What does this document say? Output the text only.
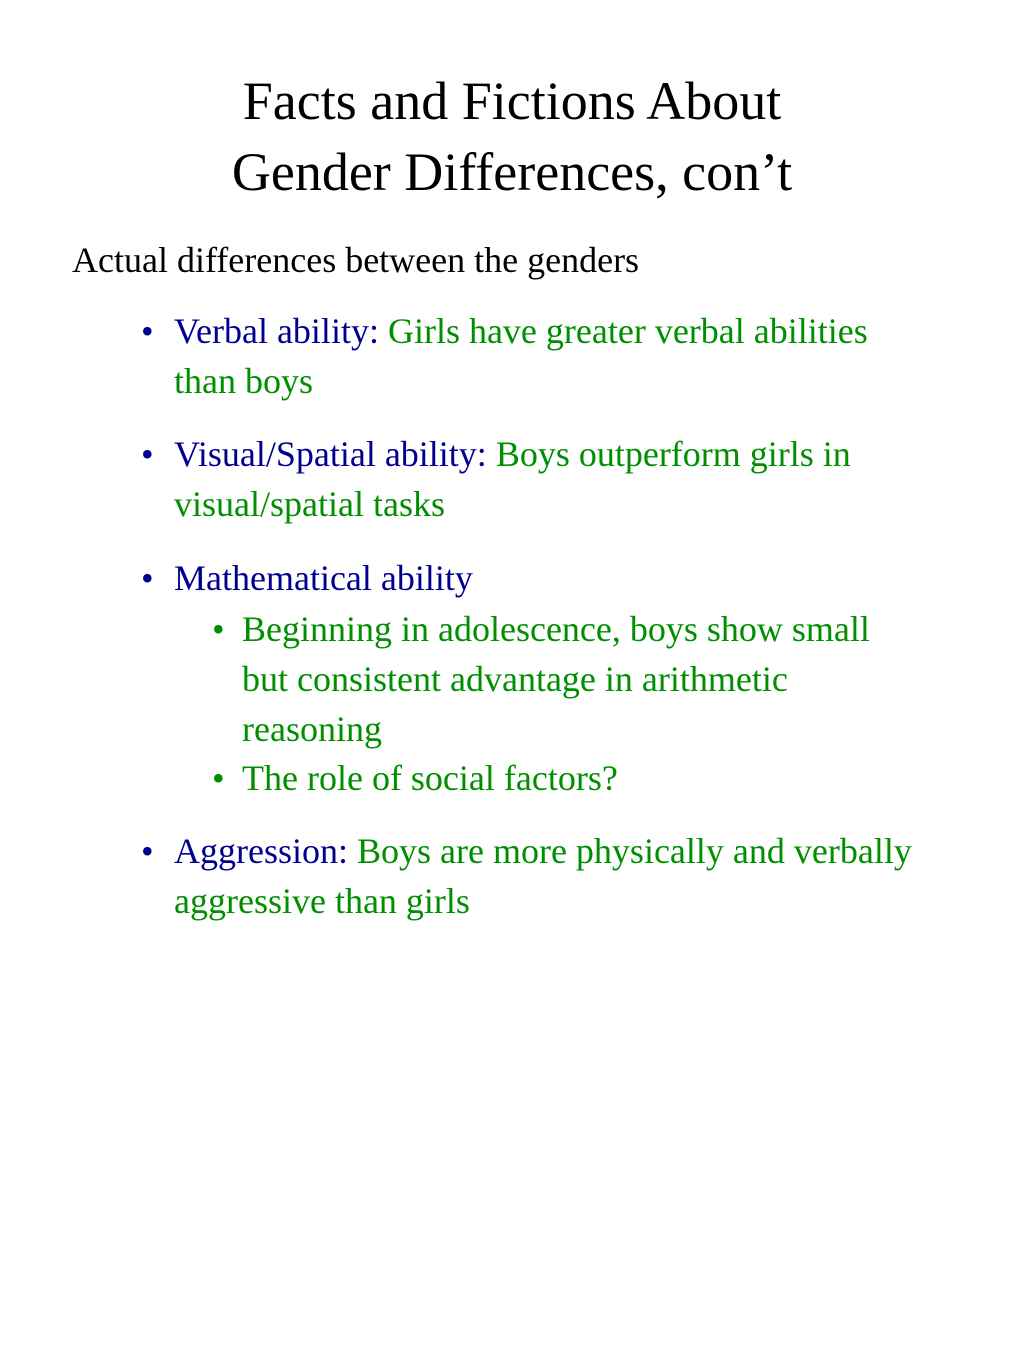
Facts and Fictions About
Gender Differences, con’t
Actual differences between the genders
• Verbal ability: Girls have greater verbal abilities than boys
• Visual/Spatial ability: Boys outperform girls in visual/spatial tasks
• Mathematical ability
• Beginning in adolescence, boys show small but consistent advantage in arithmetic reasoning
• The role of social factors?
• Aggression: Boys are more physically and verbally aggressive than girls
